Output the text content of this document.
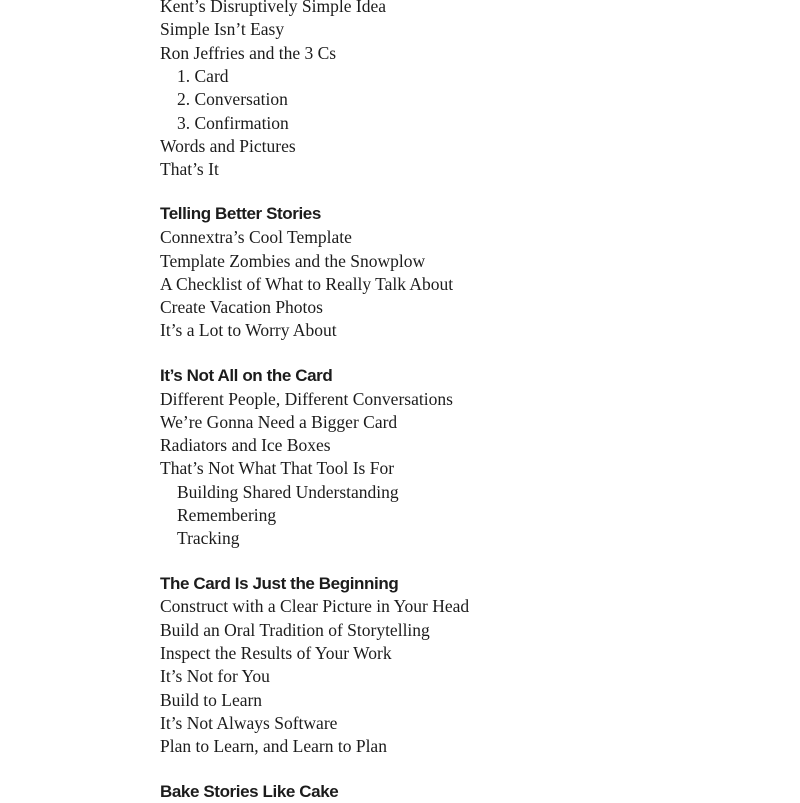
Kent’s Disruptively Simple Idea
Simple Isn’t Easy
Ron Jeffries and the 3 Cs
1. Card
2. Conversation
3. Confirmation
Words and Pictures
That’s It
Telling Better Stories
Connextra’s Cool Template
Template Zombies and the Snowplow
A Checklist of What to Really Talk About
Create Vacation Photos
It’s a Lot to Worry About
It’s Not All on the Card
Different People, Different Conversations
We’re Gonna Need a Bigger Card
Radiators and Ice Boxes
That’s Not What That Tool Is For
Building Shared Understanding
Remembering
Tracking
The Card Is Just the Beginning
Construct with a Clear Picture in Your Head
Build an Oral Tradition of Storytelling
Inspect the Results of Your Work
It’s Not for You
Build to Learn
It’s Not Always Software
Plan to Learn, and Learn to Plan
Bake Stories Like Cake
